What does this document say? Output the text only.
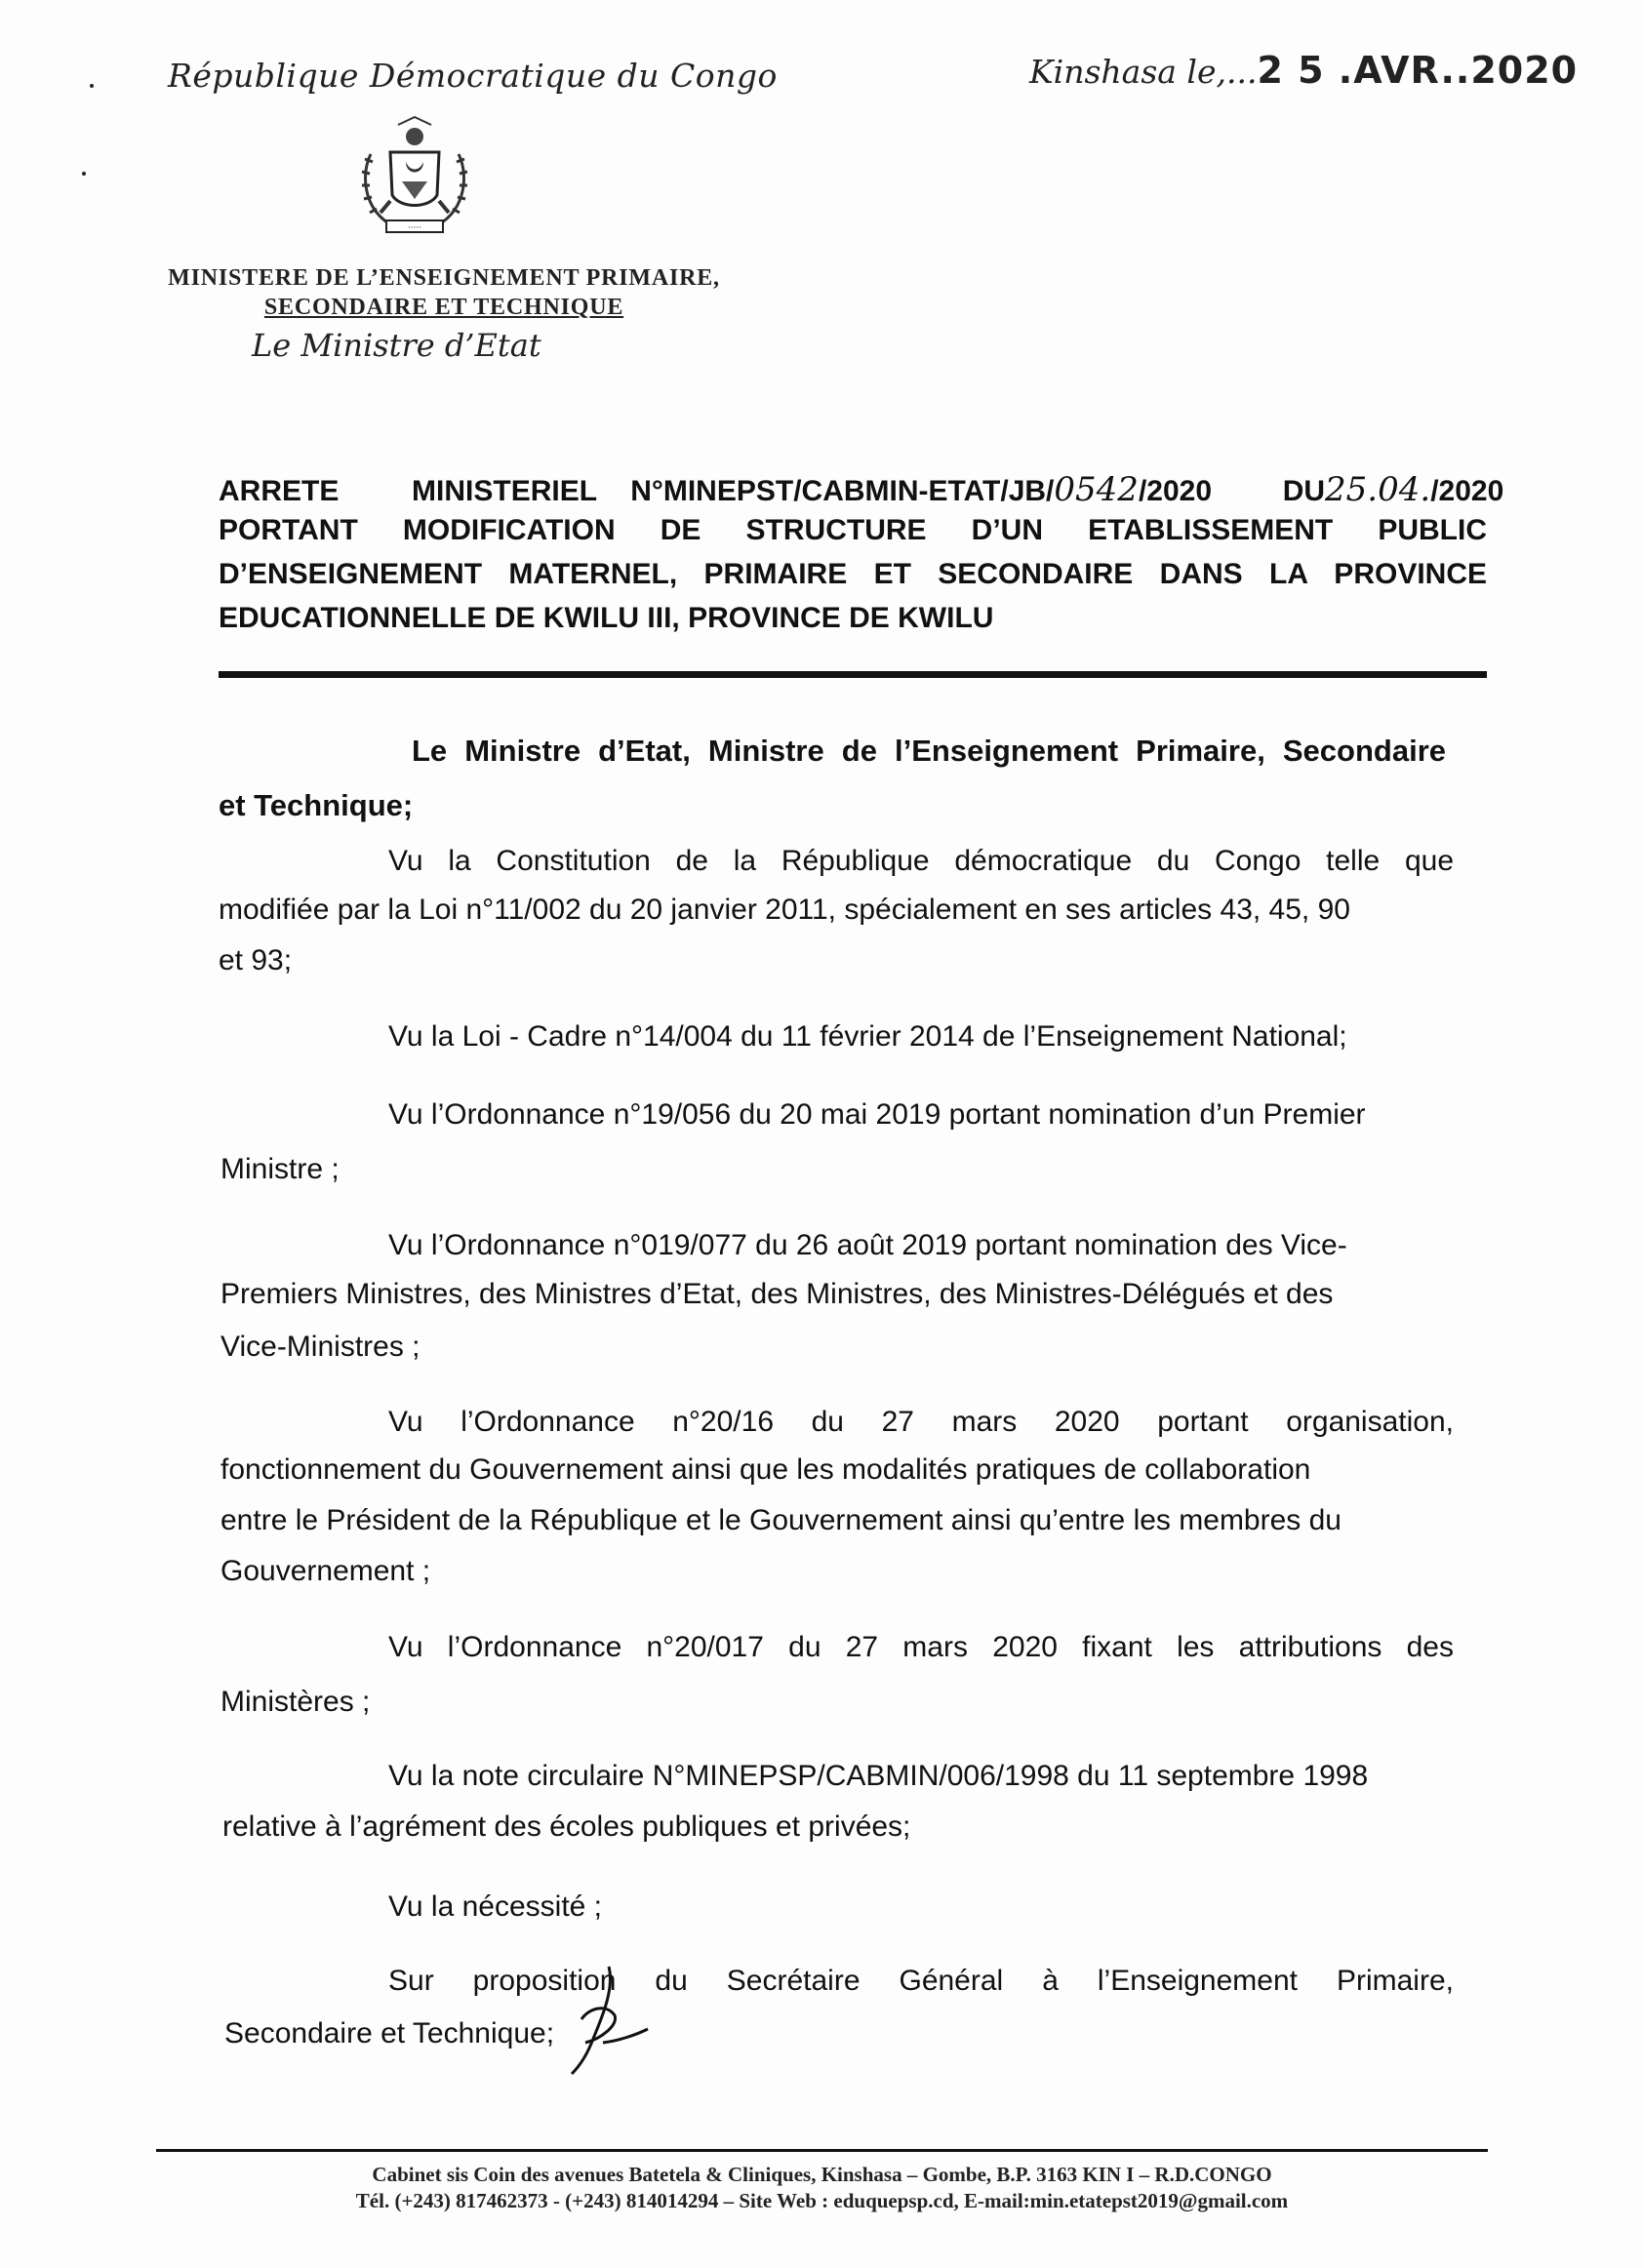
République Démocratique du Congo	Kinshasa le,...2 5 .AVR..2020
·····
MINISTERE DE L’ENSEIGNEMENT PRIMAIRE,
SECONDAIRE ET TECHNIQUE
Le Ministre d’Etat
ARRETE MINISTERIEL N°MINEPST/CABMIN-ETAT/JB/0542/2020 DU25.04./2020
PORTANT MODIFICATION DE STRUCTURE D’UN ETABLISSEMENT PUBLIC
D’ENSEIGNEMENT MATERNEL, PRIMAIRE ET SECONDAIRE DANS LA PROVINCE
EDUCATIONNELLE DE KWILU III, PROVINCE DE KWILU
Le Ministre d’Etat, Ministre de l’Enseignement Primaire, Secondaire
et Technique;
Vu la Constitution de la République démocratique du Congo telle que
modifiée par la Loi n°11/002 du 20 janvier 2011, spécialement en ses articles 43, 45, 90
et 93;
Vu la Loi - Cadre n°14/004 du 11 février 2014 de l’Enseignement National;
Vu l’Ordonnance n°19/056 du 20 mai 2019 portant nomination d’un Premier
Ministre ;
Vu l’Ordonnance n°019/077 du 26 août 2019 portant nomination des Vice-
Premiers Ministres, des Ministres d’Etat, des Ministres, des Ministres-Délégués et des
Vice-Ministres ;
Vu l’Ordonnance n°20/16 du 27 mars 2020 portant organisation,
fonctionnement du Gouvernement ainsi que les modalités pratiques de collaboration
entre le Président de la République et le Gouvernement ainsi qu’entre les membres du
Gouvernement ;
Vu l’Ordonnance n°20/017 du 27 mars 2020 fixant les attributions des
Ministères ;
Vu la note circulaire N°MINEPSP/CABMIN/006/1998 du 11 septembre 1998
relative à l’agrément des écoles publiques et privées;
Vu la nécessité ;
Sur proposition du Secrétaire Général à l’Enseignement Primaire,
Secondaire et Technique;
Cabinet sis Coin des avenues Batetela & Cliniques, Kinshasa – Gombe, B.P. 3163 KIN I – R.D.CONGO
Tél. (+243) 817462373 - (+243) 814014294 – Site Web : eduquepsp.cd, E-mail:min.etatepst2019@gmail.com
